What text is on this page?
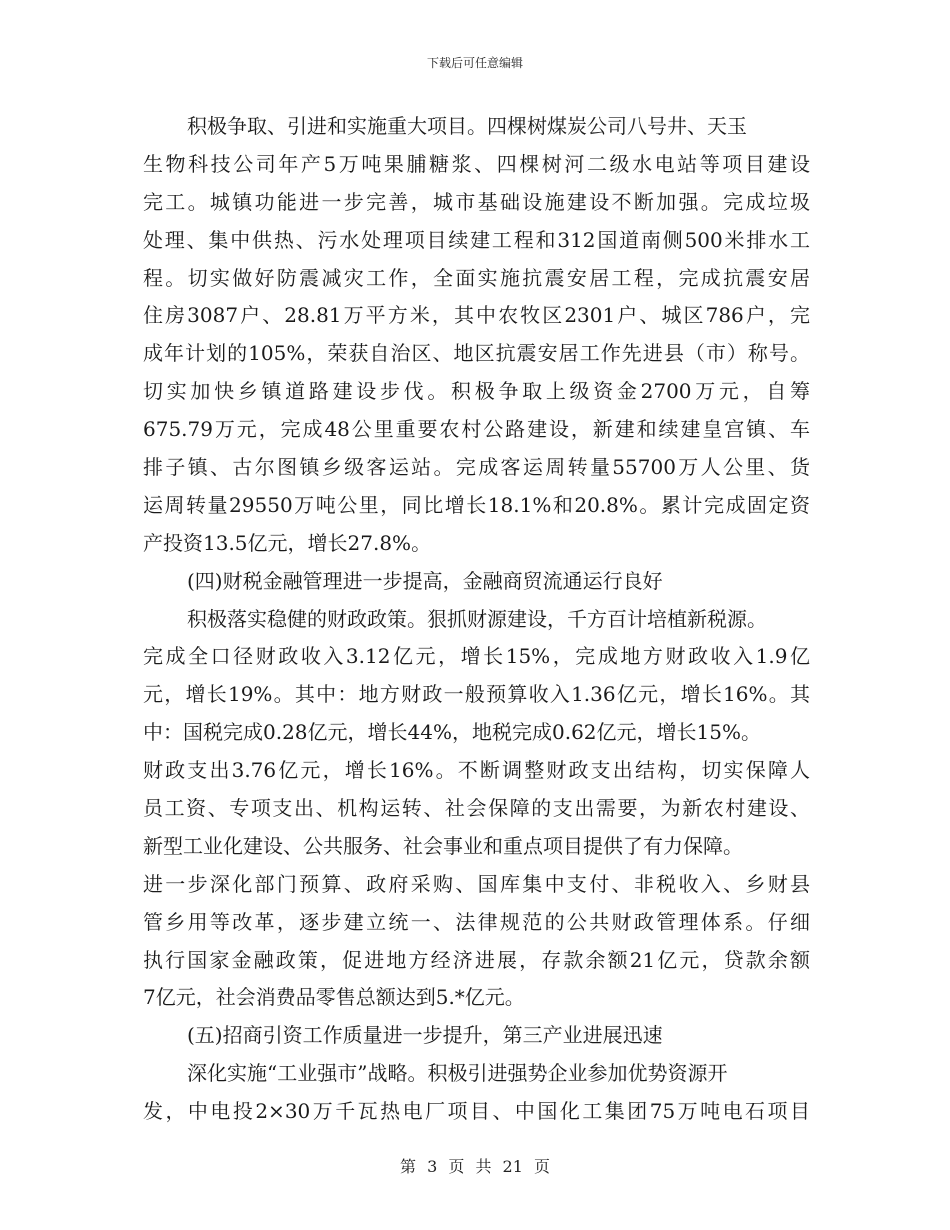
下载后可任意编辑
积极争取、引进和实施重大项目。四棵树煤炭公司八号井、天玉
生物科技公司年产5万吨果脯糖浆、四棵树河二级水电站等项目建设
完工。城镇功能进一步完善，城市基础设施建设不断加强。完成垃圾
处理、集中供热、污水处理项目续建工程和312国道南侧500米排水工
程。切实做好防震减灾工作，全面实施抗震安居工程，完成抗震安居
住房3087户、28.81万平方米，其中农牧区2301户、城区786户，完
成年计划的105%，荣获自治区、地区抗震安居工作先进县（市）称号。
切实加快乡镇道路建设步伐。积极争取上级资金2700万元，自筹
675.79万元，完成48公里重要农村公路建设，新建和续建皇宫镇、车
排子镇、古尔图镇乡级客运站。完成客运周转量55700万人公里、货
运周转量29550万吨公里，同比增长18.1%和20.8%。累计完成固定资
产投资13.5亿元，增长27.8%。
(四)财税金融管理进一步提高，金融商贸流通运行良好
积极落实稳健的财政政策。狠抓财源建设，千方百计培植新税源。
完成全口径财政收入3.12亿元，增长15%，完成地方财政收入1.9亿
元，增长19%。其中：地方财政一般预算收入1.36亿元，增长16%。其
中：国税完成0.28亿元，增长44%，地税完成0.62亿元，增长15%。
财政支出3.76亿元，增长16%。不断调整财政支出结构，切实保障人
员工资、专项支出、机构运转、社会保障的支出需要，为新农村建设、
新型工业化建设、公共服务、社会事业和重点项目提供了有力保障。
进一步深化部门预算、政府采购、国库集中支付、非税收入、乡财县
管乡用等改革，逐步建立统一、法律规范的公共财政管理体系。仔细
执行国家金融政策，促进地方经济进展，存款余额21亿元，贷款余额
7亿元，社会消费品零售总额达到5.*亿元。
(五)招商引资工作质量进一步提升，第三产业进展迅速
深化实施“工业强市”战略。积极引进强势企业参加优势资源开
发，中电投2×30万千瓦热电厂项目、中国化工集团75万吨电石项目
第 3 页 共 21 页
